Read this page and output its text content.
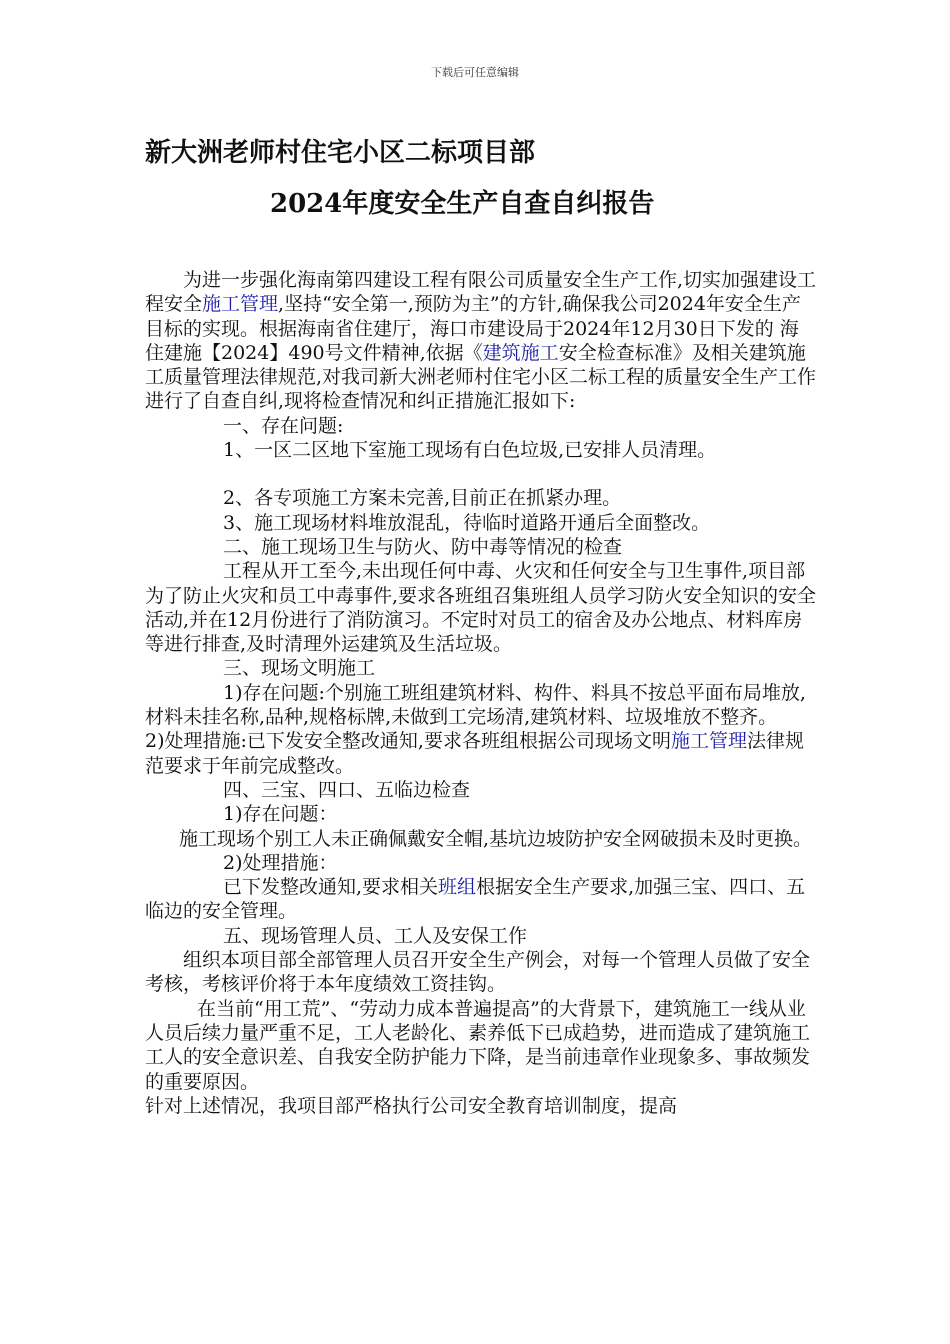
下载后可任意编辑
新大洲老师村住宅小区二标项目部
2024年度安全生产自查自纠报告

为进一步强化海南第四建设工程有限公司质量安全生产工作,切实加强建设工程安全施工管理,坚持“安全第一,预防为主”的方针,确保我公司2024年安全生产目标的实现。根据海南省住建厅，海口市建设局于2024年12月30日下发的 海住建施【2024】490号文件精神,依据《建筑施工安全检查标准》及相关建筑施工质量管理法律规范,对我司新大洲老师村住宅小区二标工程的质量安全生产工作进行了自查自纠,现将检查情况和纠正措施汇报如下:

一、存在问题:

1、一区二区地下室施工现场有白色垃圾,已安排人员清理。

2、各专项施工方案未完善,目前正在抓紧办理。

3、施工现场材料堆放混乱，待临时道路开通后全面整改。

二、施工现场卫生与防火、防中毒等情况的检查

工程从开工至今,未出现任何中毒、火灾和任何安全与卫生事件,项目部为了防止火灾和员工中毒事件,要求各班组召集班组人员学习防火安全知识的安全活动,并在12月份进行了消防演习。不定时对员工的宿舍及办公地点、材料库房等进行排查,及时清理外运建筑及生活垃圾。

三、现场文明施工

1)存在问题:个别施工班组建筑材料、构件、料具不按总平面布局堆放,材料未挂名称,品种,规格标牌,未做到工完场清,建筑材料、垃圾堆放不整齐。　　　　2)处理措施:已下发安全整改通知,要求各班组根据公司现场文明施工管理法律规范要求于年前完成整改。

四、三宝、四口、五临边检查

1)存在问题：

施工现场个别工人未正确佩戴安全帽,基坑边坡防护安全网破损未及时更换。

2)处理措施：

已下发整改通知,要求相关班组根据安全生产要求,加强三宝、四口、五临边的安全管理。

五、现场管理人员、工人及安保工作

组织本项目部全部管理人员召开安全生产例会，对每一个管理人员做了安全考核，考核评价将于本年度绩效工资挂钩。

在当前“用工荒”、“劳动力成本普遍提高”的大背景下，建筑施工一线从业人员后续力量严重不足，工人老龄化、素养低下已成趋势，进而造成了建筑施工工人的安全意识差、自我安全防护能力下降，是当前违章作业现象多、事故频发的重要原因。

针对上述情况，我项目部严格执行公司安全教育培训制度，提高
